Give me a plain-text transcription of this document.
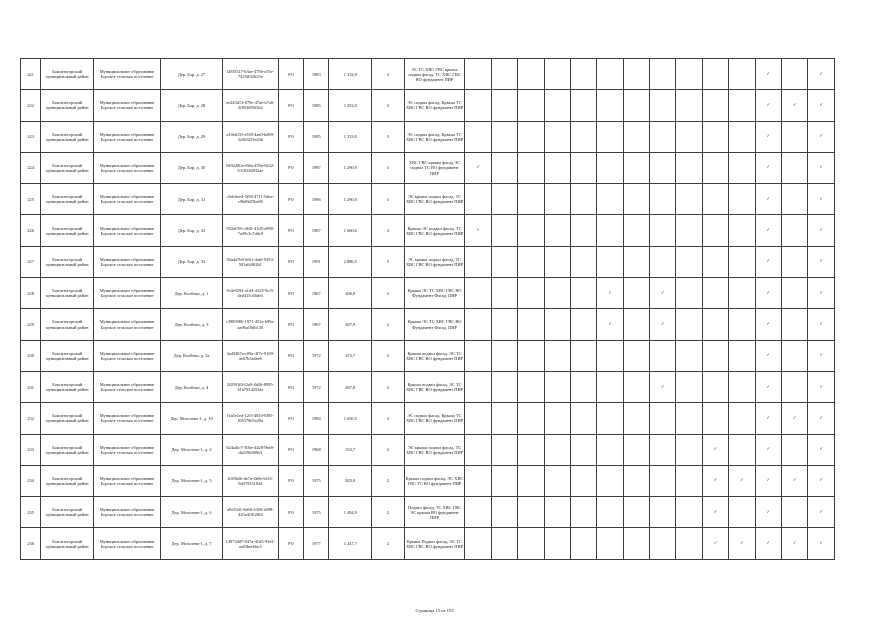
221	Бокситогорский муниципальный район	Муниципальное образование Борское сельское поселение	Дер. Бор, д. 27	f28f5517-b3ae-475b-a55e-7425f0f2b25e	РО	1983	1 332,9	3	ЭС ТС ХВС ГВС крыша подвал фасад, ТС ХВС ГВС ВО фундамент ПИР												✓		✓
222	Бокситогорский муниципальный район	Муниципальное образование Борское сельское поселение	Дер. Бор, д. 28	ee243d13-079e-47ae-b7a6-2f053095f5e2	РО	1985	1 252,0	3	ЭС подвал фасад, Крыша ТС ХВС ГВС ВО фундамент ПИР												✓	✓	✓
223	Бокситогорский муниципальный район	Муниципальное образование Борское сельское поселение	Дер. Бор, д. 29	a10eb15f-e539-4ae0-bd90-3a56f253ed3b	РО	1985	1 333,0	3	ЭС подвал фасад, Крыша ТС ХВС ГВС ВО фундамент ПИР												✓		✓
224	Бокситогорский муниципальный район	Муниципальное образование Борское сельское поселение	Дер. Бор, д. 30	0492280a-f66a-459a-9432-9318240032ae	РО	1987	1 290,9	3	ХВС ГВС крыша фасад ЭС подвал ТС ВО фундамент ПИР	✓											✓		✓
225	Бокситогорский муниципальный район	Муниципальное образование Борское сельское поселение	Дер. Бор, д. 31	c6dcbee4-3f94-4711-9abe-c96d9d7fbe85	РО	1986	1 290,0	3	ЭС крыша подвал фасад, ТС ХВС ГВС ВО фундамент ПИР												✓		✓
226	Бокситогорский муниципальный район	Муниципальное образование Борское сельское поселение	Дер. Бор, д. 32	952af591-d63f-41d5-a998-7a39c3c7ddc0	РО	1987	1 660,6	3	Крыша ЭС подвал фасад, ТС ХВС ГВС ВО фундамент ПИР	✓											✓		✓
227	Бокситогорский муниципальный район	Муниципальное образование Борское сельское поселение	Дер. Бор, д. 33	92a4a7b6-6f61-4a6f-9293-581a648f2b1	РО	1991	2 886,5	5	ЭС крыша подвал фасад, ТС ХВС ГВС ВО фундамент ПИР												✓		✓
228	Бокситогорский муниципальный район	Муниципальное образование Борское сельское поселение	Дер. Колбеки, д. 1	9c4e9294-a1d4-4325-9cf5-4ed415c46de5	РО	1967	406,8	2	Крыша ЭС ТС ХВС ГВС ВО Фундамент Фасад, ПИР						✓		✓				✓		✓
229	Бокситогорский муниципальный район	Муниципальное образование Борское сельское поселение	Дер. Колбеки, д. 3	c3989086-1871-452e-b99a-aa96a18db130	РО	1967	407,9	2	Крыша ЭС ТС ХВС ГВС ВО Фундамент Фасад, ПИР						✓		✓				✓		✓
230	Бокситогорский муниципальный район	Муниципальное образование Борское сельское поселение	Дер. Колбеки, д. 3а	3ad3367e-c09a-4f7e-9169-ae67b5a4ee6	РО	1972	472,7	2	Крыша подвал фасад, ЭС ТС ХВС ГВС ВО фундамент ПИР												✓		✓
231	Бокситогорский муниципальный район	Муниципальное образование Борское сельское поселение	Дер. Колбеки, д. 4	2f2091f0-f2a9-4d26-8995-41b7814253ae	РО	1972	487,8	2	Крыша подвал фасад, ЭС ТС ХВС ГВС ВО фундамент ПИР								✓				✓		✓
232	Бокситогорский муниципальный район	Муниципальное образование Борское сельское поселение	Дер. Мозолево-1, д. 10	f1a5e1ed-12f3-4810-8f85-f0637965a29a	РО	1984	1 656,5	3	ЭС подвал фасад, Крыша ТС ХВС ГВС ВО фундамент ПИР												✓	✓	✓
233	Бокситогорский муниципальный район	Муниципальное образование Борское сельское поселение	Дер. Мозолево-1, д. 2	624a4fc7-304e-4428-9be0-da219d309e3	РО	1968	333,7	2	ЭС крыша подвал фасад, ТС ХВС ГВС ВО фундамент ПИР										✓		✓		✓
234	Бокситогорский муниципальный район	Муниципальное образование Борское сельское поселение	Дер. Мозолево-1, д. 5	b1f9b2b-de7a-4b9e-b1f3-9d37955182d	РО	1975	825,0	2	Крыша подвал фасад, ЭС ХВС ГВС ТС ВО фундамент ПИР										✓	✓	✓	✓	✓
235	Бокситогорский муниципальный район	Муниципальное образование Борское сельское поселение	Дер. Мозолево-1, д. 6	a0e55d1-8e60-4459-a098-425a410f28f4	РО	1975	1 484,9	2	Подвал фасад, ТС ХВС ГВС ЭС крыша ВО фундамент ПИР										✓		✓		✓
236	Бокситогорский муниципальный район	Муниципальное образование Борское сельское поселение	Дер. Мозолево-1, д. 7	149730d7-047a-41d5-93d1-aa03be0dac5	РО	1977	1 247,7	2	Крыша Подвал фасад, ЭС ТС ХВС ГВС ВО фундамент ПИР										✓	✓	✓	✓	✓
Страница 15 из 153
